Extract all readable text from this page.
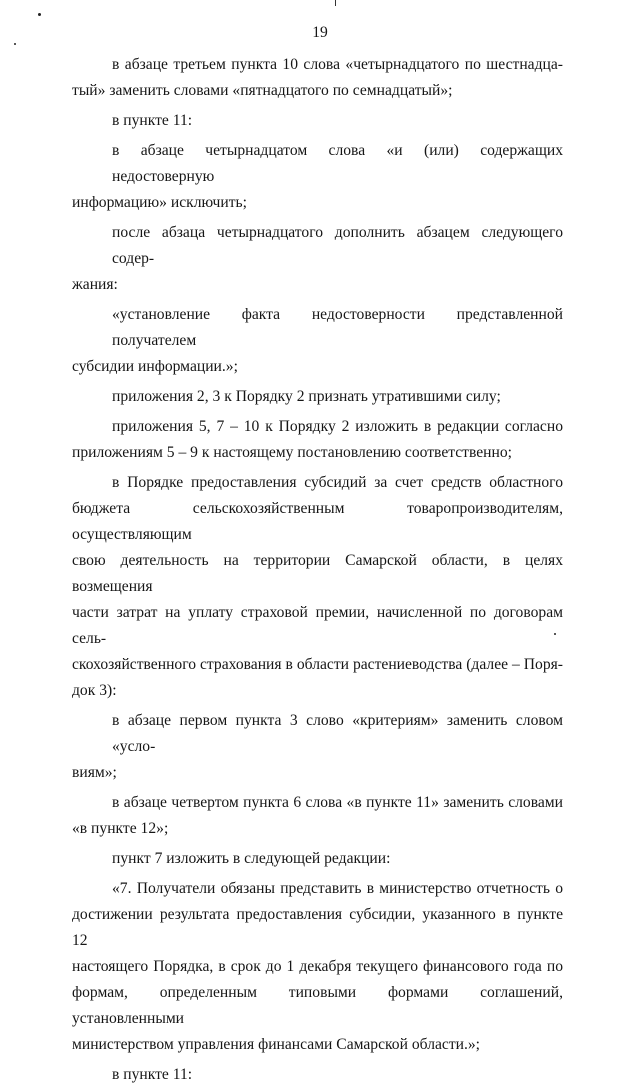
19
в абзаце третьем пункта 10 слова «четырнадцатого по шестнадца-
тый» заменить словами «пятнадцатого по семнадцатый»;
в пункте 11:
в абзаце четырнадцатом слова «и (или) содержащих недостоверную
информацию» исключить;
после абзаца четырнадцатого дополнить абзацем следующего содер-
жания:
«установление факта недостоверности представленной получателем
субсидии информации.»;
приложения 2, 3 к Порядку 2 признать утратившими силу;
приложения 5, 7 – 10 к Порядку 2 изложить в редакции согласно
приложениям 5 – 9 к настоящему постановлению соответственно;
в Порядке предоставления субсидий за счет средств областного
бюджета сельскохозяйственным товаропроизводителям, осуществляющим
свою деятельность на территории Самарской области, в целях возмещения
части затрат на уплату страховой премии, начисленной по договорам сель-
скохозяйственного страхования в области растениеводства (далее – Поря-
док 3):
в абзаце первом пункта 3 слово «критериям» заменить словом «усло-
виям»;
в абзаце четвертом пункта 6 слова «в пункте 11» заменить словами
«в пункте 12»;
пункт 7 изложить в следующей редакции:
«7. Получатели обязаны представить в министерство отчетность о
достижении результата предоставления субсидии, указанного в пункте 12
настоящего Порядка, в срок до 1 декабря текущего финансового года по
формам, определенным типовыми формами соглашений, установленными
министерством управления финансами Самарской области.»;
в пункте 11:
